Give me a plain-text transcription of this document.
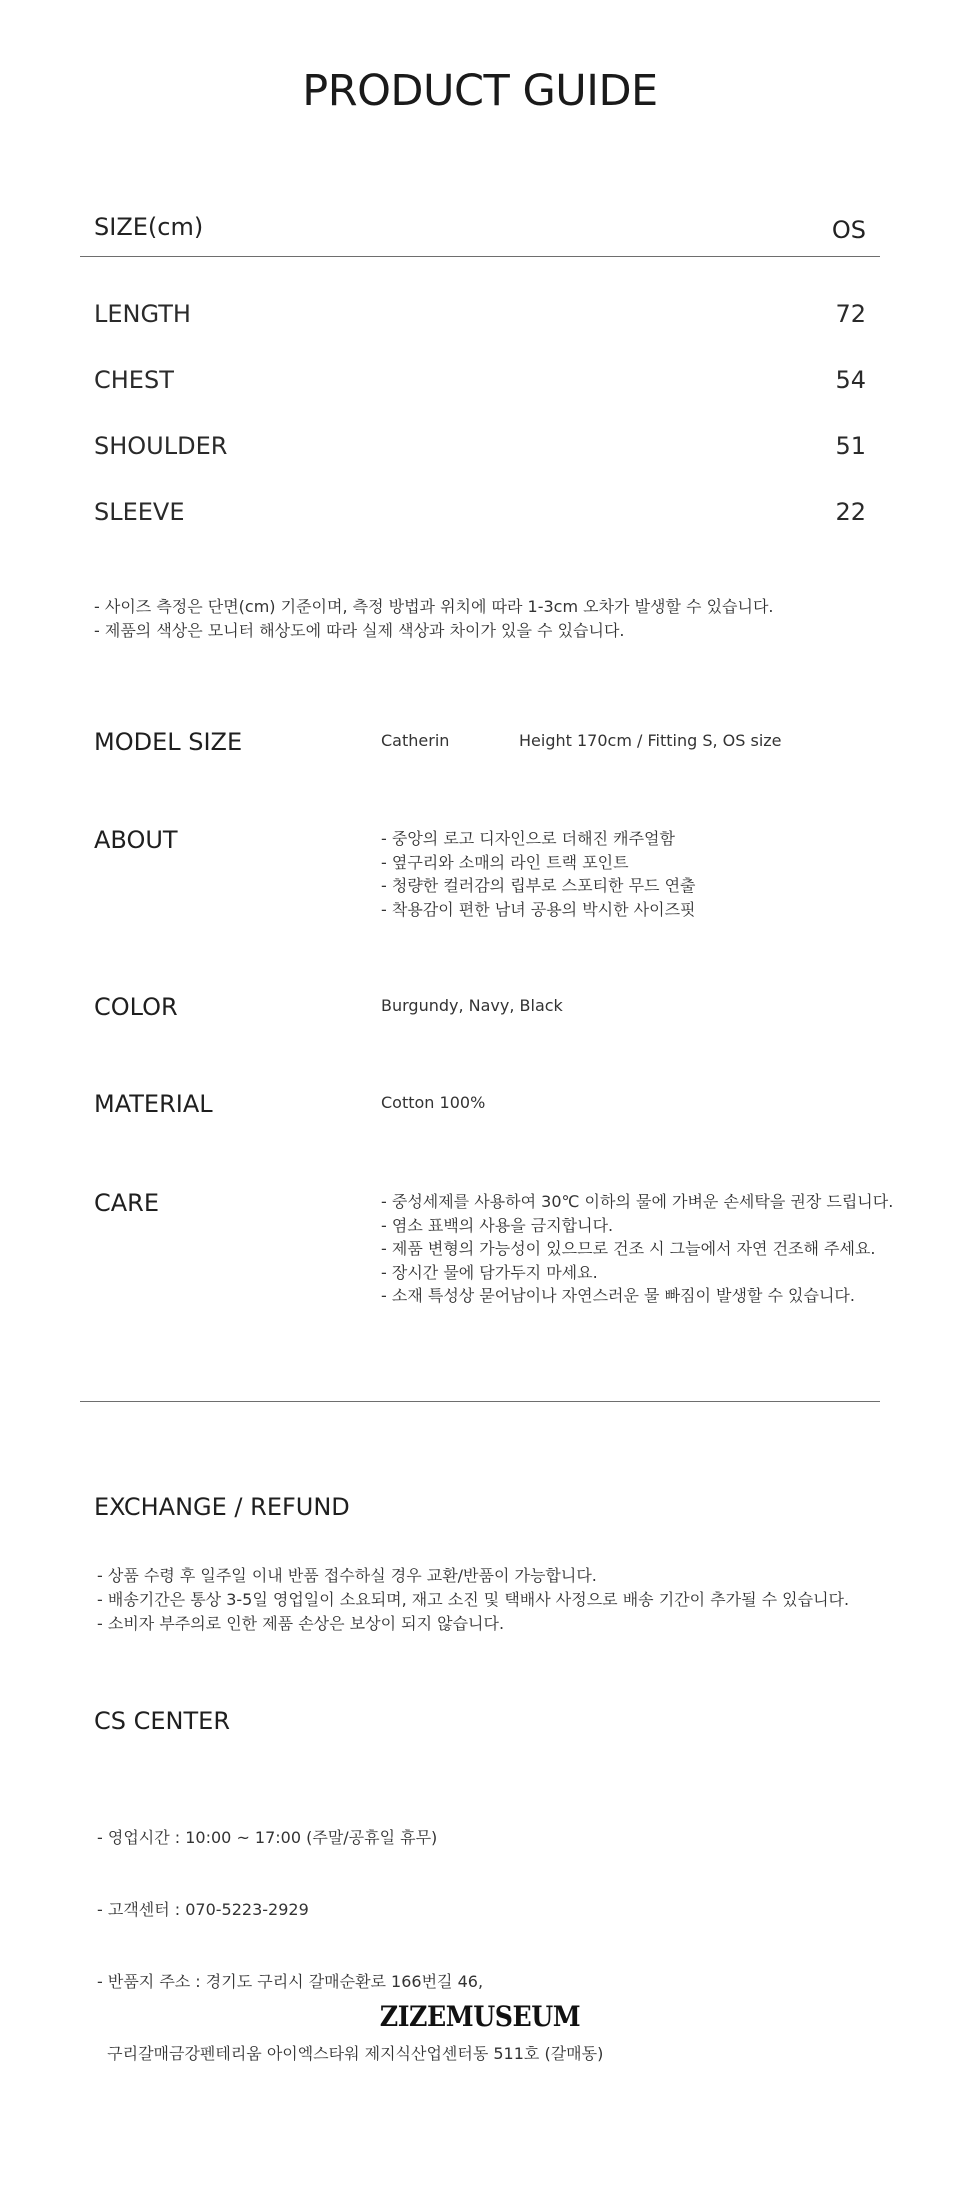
PRODUCT GUIDE
SIZE(cm)	OS
LENGTH	72
CHEST	54
SHOULDER	51
SLEEVE	22
- 사이즈 측정은 단면(cm) 기준이며, 측정 방법과 위치에 따라 1-3cm 오차가 발생할 수 있습니다.
- 제품의 색상은 모니터 해상도에 따라 실제 색상과 차이가 있을 수 있습니다.
MODEL SIZE	Catherin	Height 170cm / Fitting S, OS size
ABOUT	- 중앙의 로고 디자인으로 더해진 캐주얼함
- 옆구리와 소매의 라인 트랙 포인트
- 청량한 컬러감의 립부로 스포티한 무드 연출
- 착용감이 편한 남녀 공용의 박시한 사이즈핏
COLOR	Burgundy, Navy, Black
MATERIAL	Cotton 100%
CARE	- 중성세제를 사용하여 30℃ 이하의 물에 가벼운 손세탁을 권장 드립니다.
- 염소 표백의 사용을 금지합니다.
- 제품 변형의 가능성이 있으므로 건조 시 그늘에서 자연 건조해 주세요.
- 장시간 물에 담가두지 마세요.
- 소재 특성상 묻어남이나 자연스러운 물 빠짐이 발생할 수 있습니다.
EXCHANGE / REFUND
- 상품 수령 후 일주일 이내 반품 접수하실 경우 교환/반품이 가능합니다.
- 배송기간은 통상 3-5일 영업일이 소요되며, 재고 소진 및 택배사 사정으로 배송 기간이 추가될 수 있습니다.
- 소비자 부주의로 인한 제품 손상은 보상이 되지 않습니다.
CS CENTER

- 영업시간 : 10:00 ~ 17:00 (주말/공휴일 휴무)

- 고객센터 : 070-5223-2929

- 반품지 주소 : 경기도 구리시 갈매순환로 166번길 46,

구리갈매금강펜테리움 아이엑스타워 제지식산업센터동 511호 (갈매동)

ZIZEMUSEUM
